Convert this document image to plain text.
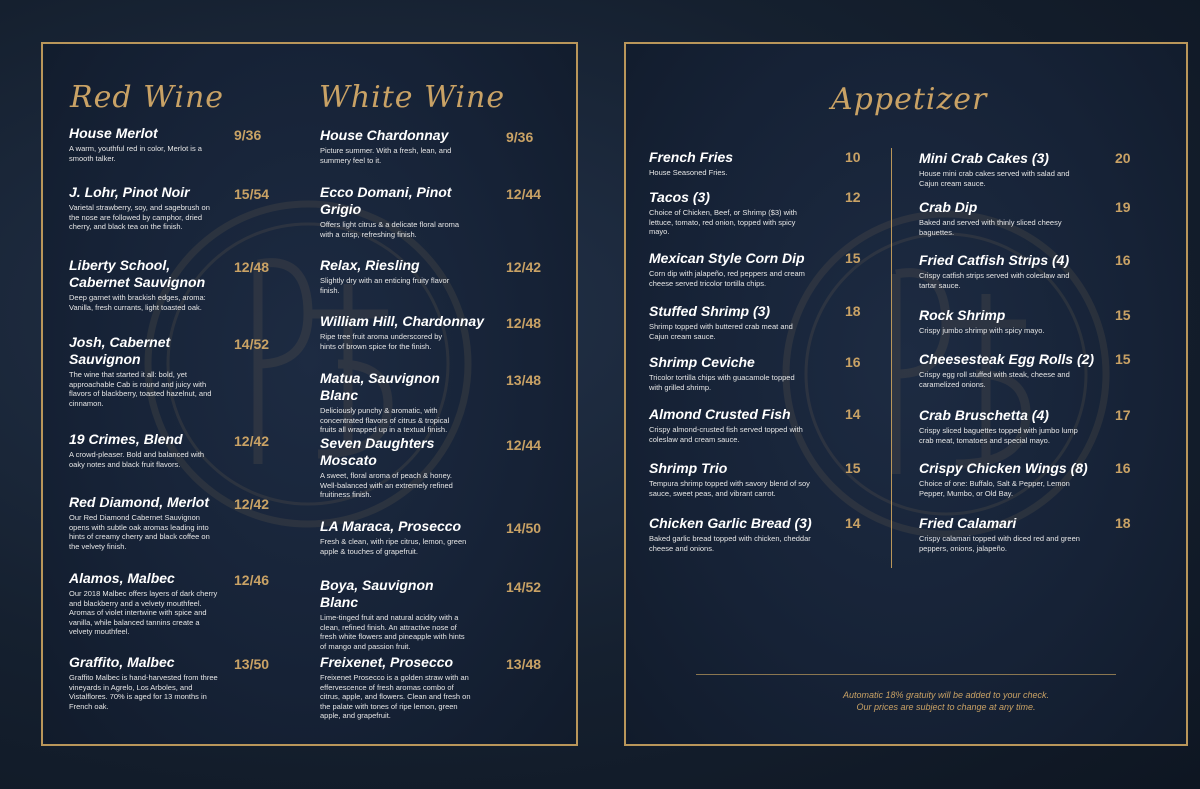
Red Wine	White Wine
House Merlot
A warm, youthful red in color, Merlot is a smooth talker.
9/36
J. Lohr, Pinot Noir
Varietal strawberry, soy, and sagebrush on the nose are followed by camphor, dried cherry, and black tea on the finish.
15/54
Liberty School, Cabernet Sauvignon
Deep garnet with brackish edges, aroma: Vanilla, fresh currants, light toasted oak.
12/48
Josh, Cabernet Sauvignon
The wine that started it all: bold, yet approachable Cab is round and juicy with flavors of blackberry, toasted hazelnut, and cinnamon.
14/52
19 Crimes, Blend
A crowd-pleaser. Bold and balanced with oaky notes and black fruit flavors.
12/42
Red Diamond, Merlot
Our Red Diamond Cabernet Sauvignon opens with subtle oak aromas leading into hints of creamy cherry and black coffee on the velvety finish.
12/42
Alamos, Malbec
Our 2018 Malbec offers layers of dark cherry and blackberry and a velvety mouthfeel. Aromas of violet intertwine with spice and vanilla, while balanced tannins create a velvety mouthfeel.
12/46
Graffito, Malbec
Graffito Malbec is hand-harvested from three vineyards in Agrelo, Los Arboles, and Vistalflores. 70% is aged for 13 months in French oak.
13/50
House Chardonnay
Picture summer. With a fresh, lean, and summery feel to it.
9/36
Ecco Domani, Pinot Grigio
Offers light citrus & a delicate floral aroma with a crisp, refreshing finish.
12/44
Relax, Riesling
Slightly dry with an enticing fruity flavor finish.
12/42
William Hill, Chardonnay
Ripe tree fruit aroma underscored by hints of brown spice for the finish.
12/48
Matua, Sauvignon Blanc
Deliciously punchy & aromatic, with concentrated flavors of citrus & tropical fruits all wrapped up in a textual finish.
13/48
Seven Daughters Moscato
A sweet, floral aroma of peach & honey. Well-balanced with an extremely refined fruitiness finish.
12/44
LA Maraca, Prosecco
Fresh & clean, with ripe citrus, lemon, green apple & touches of grapefruit.
14/50
Boya, Sauvignon Blanc
Lime-tinged fruit and natural acidity with a clean, refined finish. An attractive nose of fresh white flowers and pineapple with hints of mango and passion fruit.
14/52
Freixenet, Prosecco
Freixenet Prosecco is a golden straw with an effervescence of fresh aromas combo of citrus, apple, and flowers. Clean and fresh on the palate with tones of ripe lemon, green apple, and grapefruit.
13/48
Appetizer
French Fries
House Seasoned Fries.
10
Tacos (3)
Choice of Chicken, Beef, or Shrimp ($3) with lettuce, tomato, red onion, topped with spicy mayo.
12
Mexican Style Corn Dip
Corn dip with jalapeño, red peppers and cream cheese served tricolor tortilla chips.
15
Stuffed Shrimp (3)
Shrimp topped with buttered crab meat and Cajun cream sauce.
18
Shrimp Ceviche
Tricolor tortilla chips with guacamole topped with grilled shrimp.
16
Almond Crusted Fish
Crispy almond-crusted fish served topped with coleslaw and cream sauce.
14
Shrimp Trio
Tempura shrimp topped with savory blend of soy sauce, sweet peas, and vibrant carrot.
15
Chicken Garlic Bread (3)
Baked garlic bread topped with chicken, cheddar cheese and onions.
14
Mini Crab Cakes (3)
House mini crab cakes served with salad and Cajun cream sauce.
20
Crab Dip
Baked and served with thinly sliced cheesy baguettes.
19
Fried Catfish Strips (4)
Crispy catfish strips served with coleslaw and tartar sauce.
16
Rock Shrimp
Crispy jumbo shrimp with spicy mayo.
15
Cheesesteak Egg Rolls (2)
Crispy egg roll stuffed with steak, cheese and caramelized onions.
15
Crab Bruschetta (4)
Crispy sliced baguettes topped with jumbo lump crab meat, tomatoes and special mayo.
17
Crispy Chicken Wings (8)
Choice of one: Buffalo, Salt & Pepper, Lemon Pepper, Mumbo, or Old Bay.
16
Fried Calamari
Crispy calamari topped with diced red and green peppers, onions, jalapeño.
18
Automatic 18% gratuity will be added to your check.
Our prices are subject to change at any time.
